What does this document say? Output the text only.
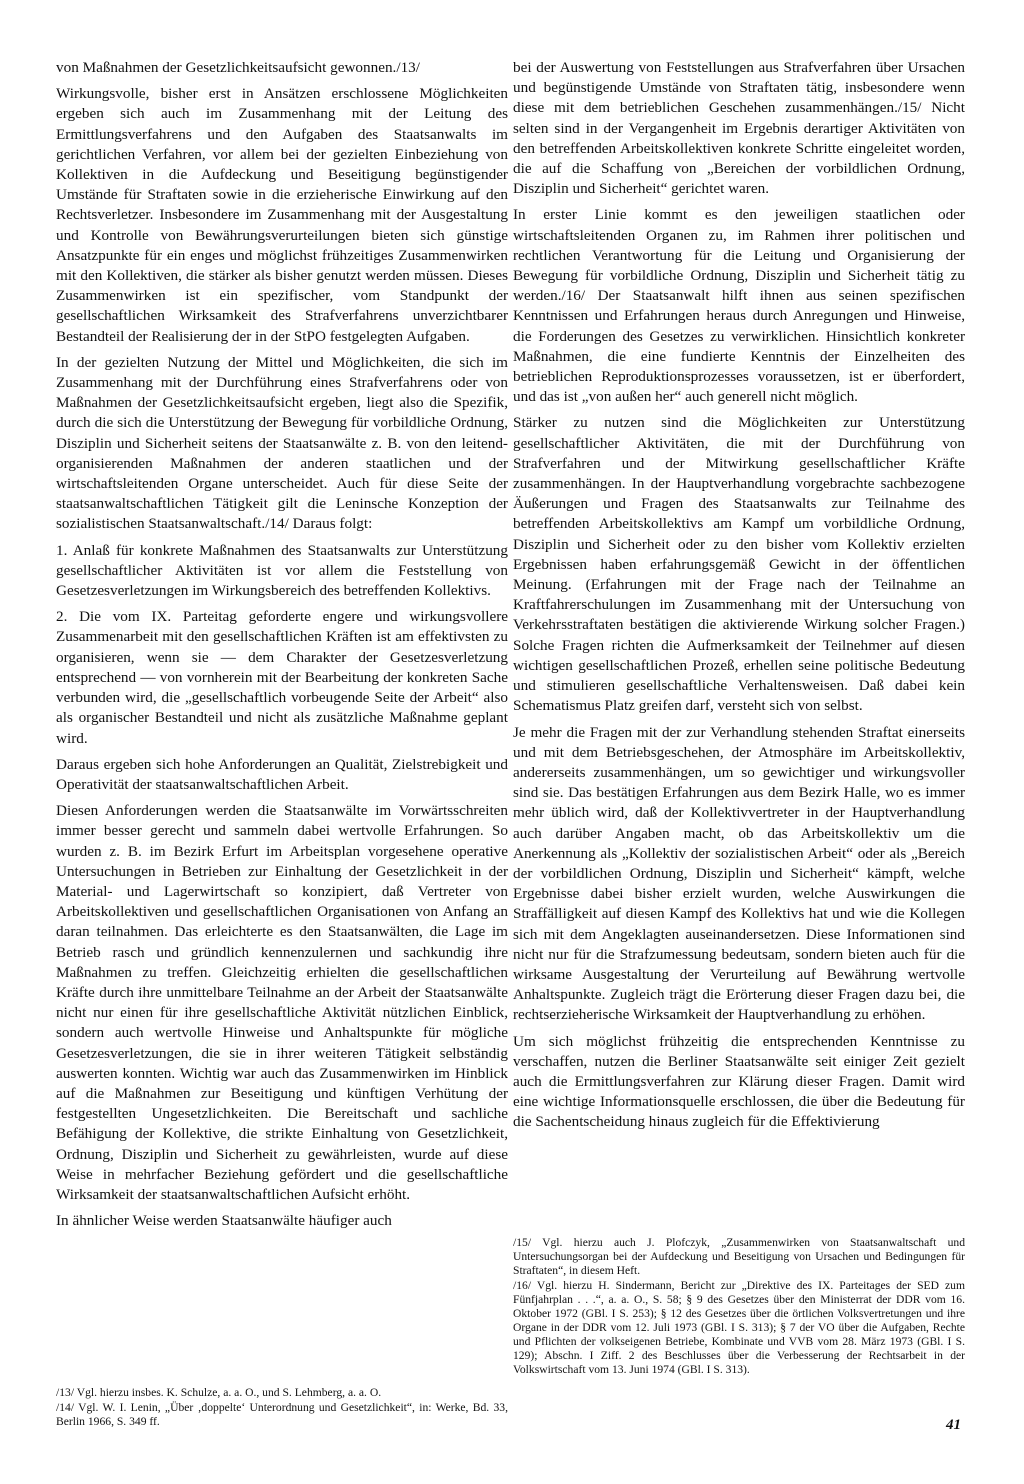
von Maßnahmen der Gesetzlichkeitsaufsicht gewonnen./13/

Wirkungsvolle, bisher erst in Ansätzen erschlossene Möglichkeiten ergeben sich auch im Zusammenhang mit der Leitung des Ermittlungsverfahrens und den Aufgaben des Staatsanwalts im gerichtlichen Verfahren, vor allem bei der gezielten Einbeziehung von Kollektiven in die Aufdeckung und Beseitigung begünstigender Umstände für Straftaten sowie in die erzieherische Einwirkung auf den Rechtsverletzer. Insbesondere im Zusammenhang mit der Ausgestaltung und Kontrolle von Bewährungsverurteilungen bieten sich günstige Ansatzpunkte für ein enges und möglichst frühzeitiges Zusammenwirken mit den Kollektiven, die stärker als bisher genutzt werden müssen. Dieses Zusammenwirken ist ein spezifischer, vom Standpunkt der gesellschaftlichen Wirksamkeit des Strafverfahrens unverzichtbarer Bestandteil der Realisierung der in der StPO festgelegten Aufgaben.

In der gezielten Nutzung der Mittel und Möglichkeiten, die sich im Zusammenhang mit der Durchführung eines Strafverfahrens oder von Maßnahmen der Gesetzlichkeitsaufsicht ergeben, liegt also die Spezifik, durch die sich die Unterstützung der Bewegung für vorbildliche Ordnung, Disziplin und Sicherheit seitens der Staatsanwälte z. B. von den leitend-organisierenden Maßnahmen der anderen staatlichen und der wirtschaftsleitenden Organe unterscheidet. Auch für diese Seite der staatsanwaltschaftlichen Tätigkeit gilt die Leninsche Konzeption der sozialistischen Staatsanwaltschaft./14/ Daraus folgt:

1. Anlaß für konkrete Maßnahmen des Staatsanwalts zur Unterstützung gesellschaftlicher Aktivitäten ist vor allem die Feststellung von Gesetzesverletzungen im Wirkungsbereich des betreffenden Kollektivs.

2. Die vom IX. Parteitag geforderte engere und wirkungsvollere Zusammenarbeit mit den gesellschaftlichen Kräften ist am effektivsten zu organisieren, wenn sie — dem Charakter der Gesetzesverletzung entsprechend — von vornherein mit der Bearbeitung der konkreten Sache verbunden wird, die „gesellschaftlich vorbeugende Seite der Arbeit“ also als organischer Bestandteil und nicht als zusätzliche Maßnahme geplant wird.

Daraus ergeben sich hohe Anforderungen an Qualität, Zielstrebigkeit und Operativität der staatsanwaltschaftlichen Arbeit.

Diesen Anforderungen werden die Staatsanwälte im Vorwärtsschreiten immer besser gerecht und sammeln dabei wertvolle Erfahrungen. So wurden z. B. im Bezirk Erfurt im Arbeitsplan vorgesehene operative Untersuchungen in Betrieben zur Einhaltung der Gesetzlichkeit in der Material- und Lagerwirtschaft so konzipiert, daß Vertreter von Arbeitskollektiven und gesellschaftlichen Organisationen von Anfang an daran teilnahmen. Das erleichterte es den Staatsanwälten, die Lage im Betrieb rasch und gründlich kennenzulernen und sachkundig ihre Maßnahmen zu treffen. Gleichzeitig erhielten die gesellschaftlichen Kräfte durch ihre unmittelbare Teilnahme an der Arbeit der Staatsanwälte nicht nur einen für ihre gesellschaftliche Aktivität nützlichen Einblick, sondern auch wertvolle Hinweise und Anhaltspunkte für mögliche Gesetzesverletzungen, die sie in ihrer weiteren Tätigkeit selbständig auswerten konnten. Wichtig war auch das Zusammenwirken im Hinblick auf die Maßnahmen zur Beseitigung und künftigen Verhütung der festgestellten Ungesetzlichkeiten. Die Bereitschaft und sachliche Befähigung der Kollektive, die strikte Einhaltung von Gesetzlichkeit, Ordnung, Disziplin und Sicherheit zu gewährleisten, wurde auf diese Weise in mehrfacher Beziehung gefördert und die gesellschaftliche Wirksamkeit der staatsanwaltschaftlichen Aufsicht erhöht.

In ähnlicher Weise werden Staatsanwälte häufiger auch

/13/ Vgl. hierzu insbes. K. Schulze, a. a. O., und S. Lehmberg, a. a. O.

/14/ Vgl. W. I. Lenin, „Über ‚doppelte‘ Unterordnung und Gesetzlichkeit“, in: Werke, Bd. 33, Berlin 1966, S. 349 ff.

bei der Auswertung von Feststellungen aus Strafverfahren über Ursachen und begünstigende Umstände von Straftaten tätig, insbesondere wenn diese mit dem betrieblichen Geschehen zusammenhängen./15/ Nicht selten sind in der Vergangenheit im Ergebnis derartiger Aktivitäten von den betreffenden Arbeitskollektiven konkrete Schritte eingeleitet worden, die auf die Schaffung von „Bereichen der vorbildlichen Ordnung, Disziplin und Sicherheit“ gerichtet waren.

In erster Linie kommt es den jeweiligen staatlichen oder wirtschaftsleitenden Organen zu, im Rahmen ihrer politischen und rechtlichen Verantwortung für die Leitung und Organisierung der Bewegung für vorbildliche Ordnung, Disziplin und Sicherheit tätig zu werden./16/ Der Staatsanwalt hilft ihnen aus seinen spezifischen Kenntnissen und Erfahrungen heraus durch Anregungen und Hinweise, die Forderungen des Gesetzes zu verwirklichen. Hinsichtlich konkreter Maßnahmen, die eine fundierte Kenntnis der Einzelheiten des betrieblichen Reproduktionsprozesses voraussetzen, ist er überfordert, und das ist „von außen her“ auch generell nicht möglich.

Stärker zu nutzen sind die Möglichkeiten zur Unterstützung gesellschaftlicher Aktivitäten, die mit der Durchführung von Strafverfahren und der Mitwirkung gesellschaftlicher Kräfte zusammenhängen. In der Hauptverhandlung vorgebrachte sachbezogene Äußerungen und Fragen des Staatsanwalts zur Teilnahme des betreffenden Arbeitskollektivs am Kampf um vorbildliche Ordnung, Disziplin und Sicherheit oder zu den bisher vom Kollektiv erzielten Ergebnissen haben erfahrungsgemäß Gewicht in der öffentlichen Meinung. (Erfahrungen mit der Frage nach der Teilnahme an Kraftfahrerschulungen im Zusammenhang mit der Untersuchung von Verkehrsstraftaten bestätigen die aktivierende Wirkung solcher Fragen.) Solche Fragen richten die Aufmerksamkeit der Teilnehmer auf diesen wichtigen gesellschaftlichen Prozeß, erhellen seine politische Bedeutung und stimulieren gesellschaftliche Verhaltensweisen. Daß dabei kein Schematismus Platz greifen darf, versteht sich von selbst.

Je mehr die Fragen mit der zur Verhandlung stehenden Straftat einerseits und mit dem Betriebsgeschehen, der Atmosphäre im Arbeitskollektiv, andererseits zusammenhängen, um so gewichtiger und wirkungsvoller sind sie. Das bestätigen Erfahrungen aus dem Bezirk Halle, wo es immer mehr üblich wird, daß der Kollektivvertreter in der Hauptverhandlung auch darüber Angaben macht, ob das Arbeitskollektiv um die Anerkennung als „Kollektiv der sozialistischen Arbeit“ oder als „Bereich der vorbildlichen Ordnung, Disziplin und Sicherheit“ kämpft, welche Ergebnisse dabei bisher erzielt wurden, welche Auswirkungen die Straffälligkeit auf diesen Kampf des Kollektivs hat und wie die Kollegen sich mit dem Angeklagten auseinandersetzen. Diese Informationen sind nicht nur für die Strafzumessung bedeutsam, sondern bieten auch für die wirksame Ausgestaltung der Verurteilung auf Bewährung wertvolle Anhaltspunkte. Zugleich trägt die Erörterung dieser Fragen dazu bei, die rechtserzieherische Wirksamkeit der Hauptverhandlung zu erhöhen.

Um sich möglichst frühzeitig die entsprechenden Kenntnisse zu verschaffen, nutzen die Berliner Staatsanwälte seit einiger Zeit gezielt auch die Ermittlungsverfahren zur Klärung dieser Fragen. Damit wird eine wichtige Informationsquelle erschlossen, die über die Bedeutung für die Sachentscheidung hinaus zugleich für die Effektivierung

/15/ Vgl. hierzu auch J. Plofczyk, „Zusammenwirken von Staatsanwaltschaft und Untersuchungsorgan bei der Aufdeckung und Beseitigung von Ursachen und Bedingungen für Straftaten“, in diesem Heft.

/16/ Vgl. hierzu H. Sindermann, Bericht zur „Direktive des IX. Parteitages der SED zum Fünfjahrplan . . .“, a. a. O., S. 58; § 9 des Gesetzes über den Ministerrat der DDR vom 16. Oktober 1972 (GBl. I S. 253); § 12 des Gesetzes über die örtlichen Volksvertretungen und ihre Organe in der DDR vom 12. Juli 1973 (GBl. I S. 313); § 7 der VO über die Aufgaben, Rechte und Pflichten der volkseigenen Betriebe, Kombinate und VVB vom 28. März 1973 (GBl. I S. 129); Abschn. I Ziff. 2 des Beschlusses über die Verbesserung der Rechtsarbeit in der Volkswirtschaft vom 13. Juni 1974 (GBl. I S. 313).

41
